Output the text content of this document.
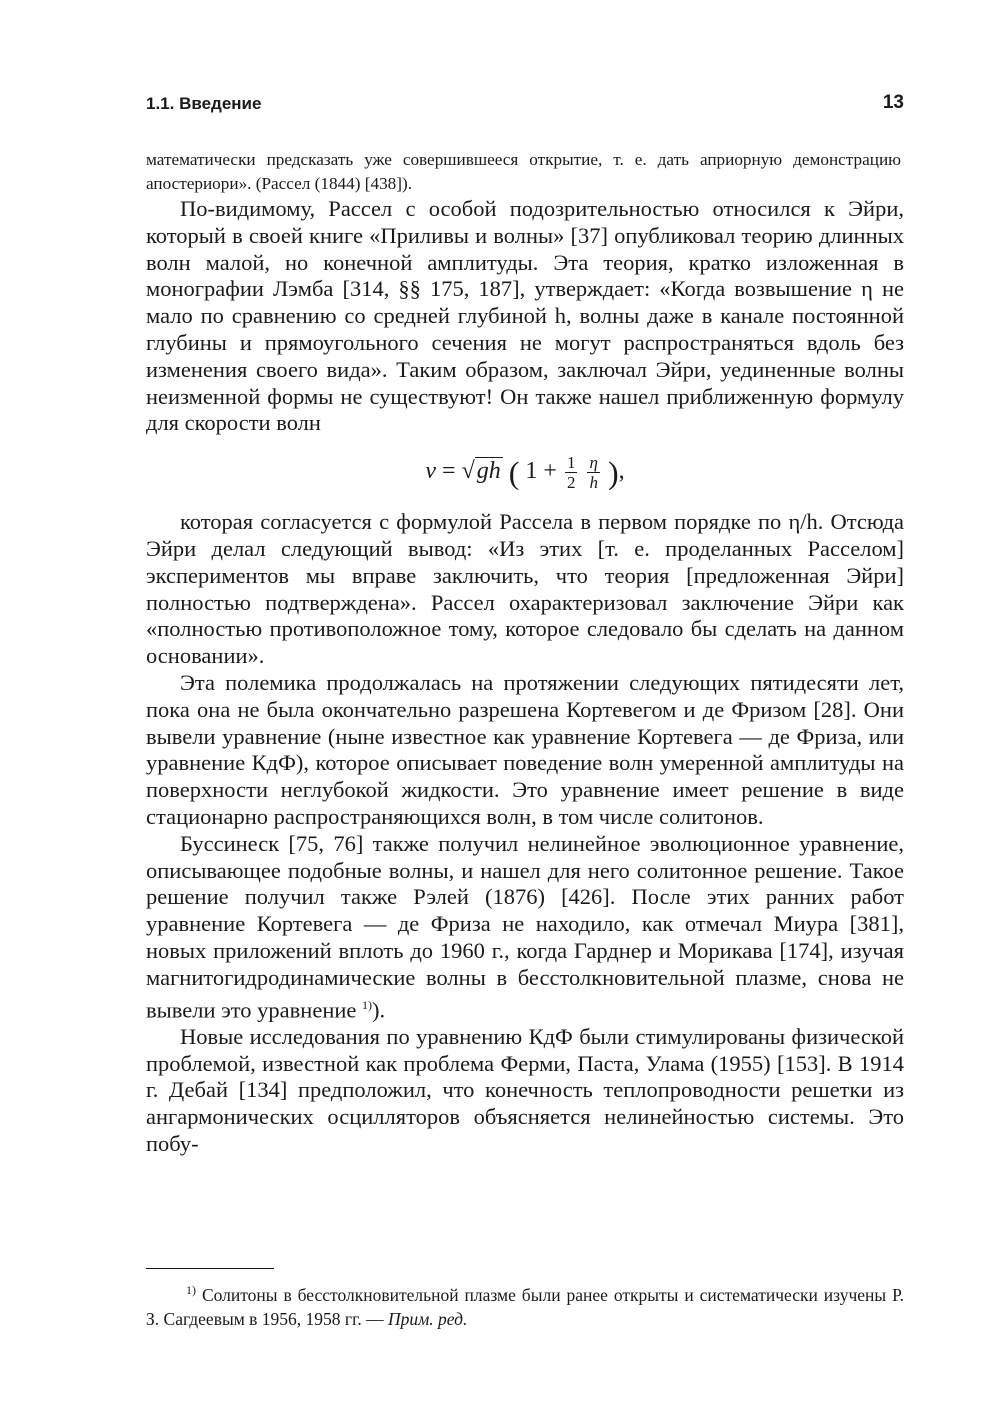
1.1. Введение	13
математически предсказать уже совершившееся открытие, т. е. дать априорную демонстрацию апостериори». (Рассел (1844) [438]).

По-видимому, Рассел с особой подозрительностью относился к Эйри, который в своей книге «Приливы и волны» [37] опубликовал теорию длинных волн малой, но конечной амплитуды. Эта теория, кратко изложенная в монографии Лэмба [314, §§ 175, 187], утверждает: «Когда возвышение η не мало по сравнению со средней глубиной h, волны даже в канале постоянной глубины и прямоугольного сечения не могут распространяться вдоль без изменения своего вида». Таким образом, заключал Эйри, уединенные волны неизменной формы не существуют! Он также нашел приближенную формулу для скорости волн

v = √gh ( $1 + \frac{1}{2}$
$\frac{\eta}{h}$ ),

которая согласуется с формулой Рассела в первом порядке по η/h. Отсюда Эйри делал следующий вывод: «Из этих [т. е. проделанных Расселом] экспериментов мы вправе заключить, что теория [предложенная Эйри] полностью подтверждена». Рассел охарактеризовал заключение Эйри как «полностью противоположное тому, которое следовало бы сделать на данном основании».

Эта полемика продолжалась на протяжении следующих пятидесяти лет, пока она не была окончательно разрешена Кортевегом и де Фризом [28]. Они вывели уравнение (ныне известное как уравнение Кортевега — де Фриза, или уравнение КдФ), которое описывает поведение волн умеренной амплитуды на поверхности неглубокой жидкости. Это уравнение имеет решение в виде стационарно распространяющихся волн, в том числе солитонов.

Буссинеск [75, 76] также получил нелинейное эволюционное уравнение, описывающее подобные волны, и нашел для него солитонное решение. Такое решение получил также Рэлей (1876) [426]. После этих ранних работ уравнение Кортевега — де Фриза не находило, как отмечал Миура [381], новых приложений вплоть до 1960 г., когда Гарднер и Морикава [174], изучая магнитогидродинамические волны в бесстолкновительной плазме, снова не вывели это уравнение $^{1)}$).

Новые исследования по уравнению КдФ были стимулированы физической проблемой, известной как проблема Ферми, Паста, Улама (1955) [153]. В 1914 г. Дебай [134] предположил, что конечность теплопроводности решетки из ангармонических осцилляторов объясняется нелинейностью системы. Это побу-

$^{1)}$ Солитоны в бесстолкновительной плазме были ранее открыты и систематически изучены Р. З. Сагдеевым в 1956, 1958 гг. — Прим. ред.
